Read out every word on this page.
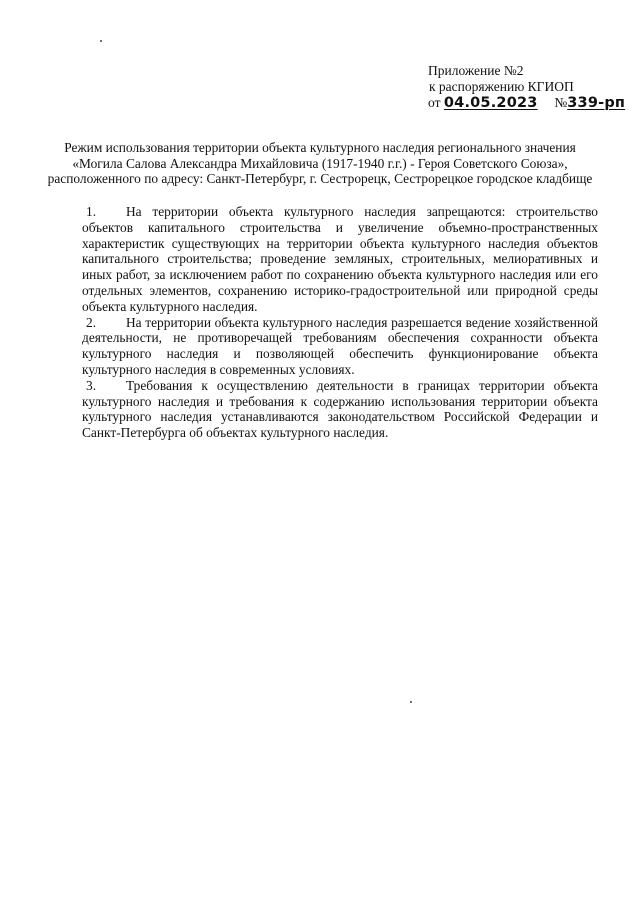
Приложение №2
к распоряжению КГИОП
от 04.05.2023 №339-рп
Режим использования территории объекта культурного наследия регионального значения
«Могила Салова Александра Михайловича (1917-1940 г.г.) - Героя Советского Союза»,
расположенного по адресу: Санкт-Петербург, г. Сестрорецк, Сестрорецкое городское кладбище

1. На территории объекта культурного наследия запрещаются: строительство объектов капитального строительства и увеличение объемно-пространственных характеристик существующих на территории объекта культурного наследия объектов капитального строительства; проведение земляных, строительных, мелиоративных и иных работ, за исключением работ по сохранению объекта культурного наследия или его отдельных элементов, сохранению историко-градостроительной или природной среды объекта культурного наследия.

2. На территории объекта культурного наследия разрешается ведение хозяйственной деятельности, не противоречащей требованиям обеспечения сохранности объекта культурного наследия и позволяющей обеспечить функционирование объекта культурного наследия в современных условиях.

3. Требования к осуществлению деятельности в границах территории объекта культурного наследия и требования к содержанию использования территории объекта культурного наследия устанавливаются законодательством Российской Федерации и Санкт-Петербурга об объектах культурного наследия.
